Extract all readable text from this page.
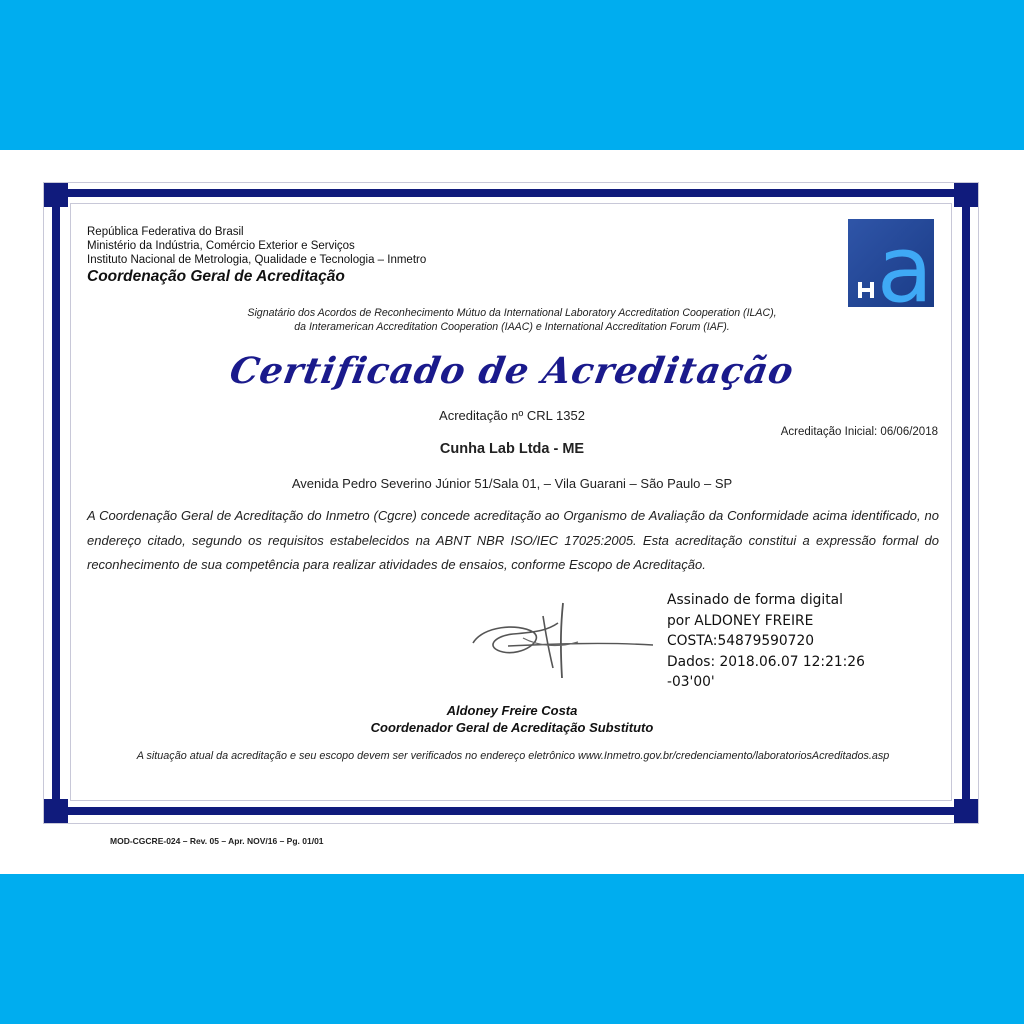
República Federativa do Brasil
Ministério da Indústria, Comércio Exterior e Serviços
Instituto Nacional de Metrologia, Qualidade e Tecnologia – Inmetro
Coordenação Geral de Acreditação	a
Signatário dos Acordos de Reconhecimento Mútuo da International Laboratory Accreditation Cooperation (ILAC),
da Interamerican Accreditation Cooperation (IAAC) e International Accreditation Forum (IAF).
Certificado de Acreditação
Acreditação nº CRL 1352
Acreditação Inicial: 06/06/2018
Cunha Lab Ltda - ME
Avenida Pedro Severino Júnior 51/Sala 01, – Vila Guarani – São Paulo – SP
A Coordenação Geral de Acreditação do Inmetro (Cgcre) concede acreditação ao Organismo de Avaliação da Conformidade acima identificado, no endereço citado, segundo os requisitos estabelecidos na ABNT NBR ISO/IEC 17025:2005. Esta acreditação constitui a expressão formal do reconhecimento de sua competência para realizar atividades de ensaios, conforme Escopo de Acreditação.
Assinado de forma digital
por ALDONEY FREIRE
COSTA:54879590720
Dados: 2018.06.07 12:21:26
-03'00'
Aldoney Freire Costa
Coordenador Geral de Acreditação Substituto
A situação atual da acreditação e seu escopo devem ser verificados no endereço eletrônico www.Inmetro.gov.br/credenciamento/laboratoriosAcreditados.asp
MOD-CGCRE-024 – Rev. 05 – Apr. NOV/16 – Pg. 01/01
